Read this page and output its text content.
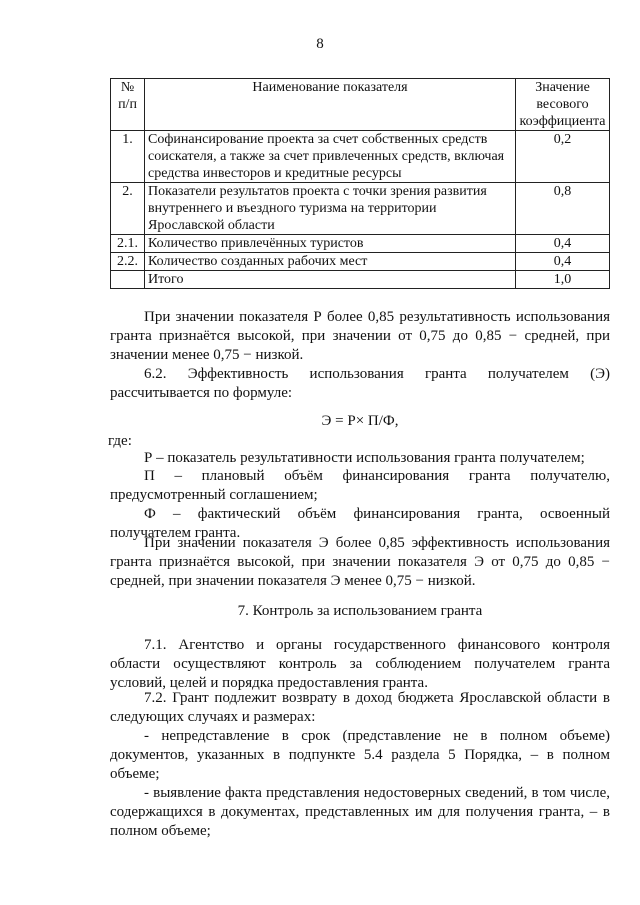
8
№ п/п	Наименование показателя	Значение весового коэффициента
1.	Софинансирование проекта за счет собственных средств соискателя, а также за счет привлеченных средств, включая средства инвесторов и кредитные ресурсы	0,2
2.	Показатели результатов проекта с точки зрения развития внутреннего и въездного туризма на территории Ярославской области	0,8
2.1.	Количество привлечённых туристов	0,4
2.2.	Количество созданных рабочих мест	0,4
	Итого	1,0

При значении показателя Р более 0,85 результативность использования гранта признаётся высокой, при значении от 0,75 до 0,85 − средней, при значении менее 0,75 − низкой.

6.2. Эффективность использования гранта получателем (Э)

рассчитывается по формуле:

Э = Р× П/Ф,

где:

Р – показатель результативности использования гранта получателем;

П – плановый объём финансирования гранта получателю, предусмотренный соглашением;

Ф – фактический объём финансирования гранта, освоенный получателем гранта.

При значении показателя Э более 0,85 эффективность использования гранта признаётся высокой, при значении показателя Э от 0,75 до 0,85 − средней, при значении показателя Э менее 0,75 − низкой.

7. Контроль за использованием гранта

7.1. Агентство и органы государственного финансового контроля области осуществляют контроль за соблюдением получателем гранта условий, целей и порядка предоставления гранта.

7.2. Грант подлежит возврату в доход бюджета Ярославской области в следующих случаях и размерах:

- непредставление в срок (представление не в полном объеме) документов, указанных в подпункте 5.4 раздела 5 Порядка, – в полном объеме;

- выявление факта представления недостоверных сведений, в том числе, содержащихся в документах, представленных им для получения гранта, – в полном объеме;
